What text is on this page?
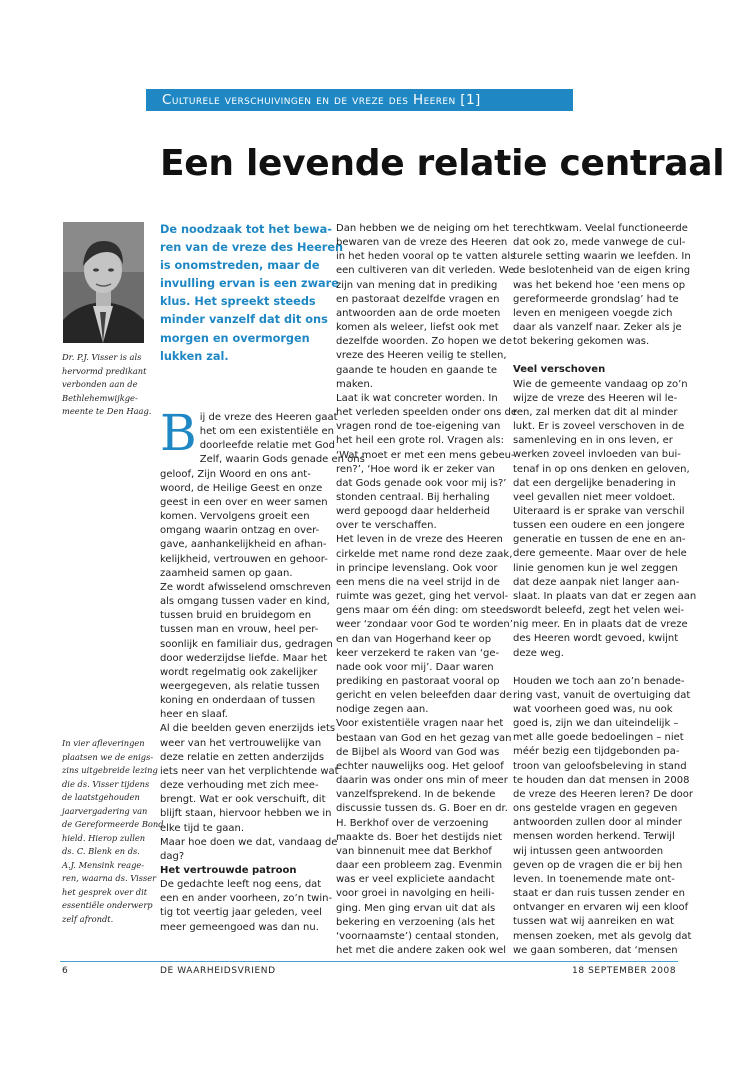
Culturele verschuivingen en de vreze des Heeren [1]
Een levende relatie centraal
Dr. P.J. Visser is als
hervormd predikant
verbonden aan de
Bethlehemwijkge-
meente te Den Haag.
In vier afleveringen
plaatsen we de enigs-
zins uitgebreide lezing
die ds. Visser tijdens
de laatstgehouden
jaarvergadering van
de Gereformeerde Bond
hield. Hierop zullen
ds. C. Blenk en ds.
A.J. Mensink reage-
ren, waarna ds. Visser
het gesprek over dit
essentiële onderwerp
zelf afrondt.
De noodzaak tot het bewa-
ren van de vreze des Heeren
is onomstreden, maar de
invulling ervan is een zware
klus. Het spreekt steeds
minder vanzelf dat dit ons
morgen en overmorgen
lukken zal.
B ij de vreze des Heeren gaat
het om een existentiële en
doorleefde relatie met God
Zelf, waarin Gods genade en ons
geloof, Zijn Woord en ons ant-
woord, de Heilige Geest en onze
geest in een over en weer samen
komen. Vervolgens groeit een
omgang waarin ontzag en over-
gave, aanhankelijkheid en afhan-
kelijkheid, vertrouwen en gehoor-
zaamheid samen op gaan.
Ze wordt afwisselend omschreven
als omgang tussen vader en kind,
tussen bruid en bruidegom en
tussen man en vrouw, heel per-
soonlijk en familiair dus, gedragen
door wederzijdse liefde. Maar het
wordt regelmatig ook zakelijker
weergegeven, als relatie tussen
koning en onderdaan of tussen
heer en slaaf.
Al die beelden geven enerzijds iets
weer van het vertrouwelijke van
deze relatie en zetten anderzijds
iets neer van het verplichtende wat
deze verhouding met zich mee-
brengt. Wat er ook verschuift, dit
blijft staan, hiervoor hebben we in
elke tijd te gaan.
Maar hoe doen we dat, vandaag de
dag?
Het vertrouwde patroon
De gedachte leeft nog eens, dat
een en ander voorheen, zo’n twin-
tig tot veertig jaar geleden, veel
meer gemeengoed was dan nu.
Dan hebben we de neiging om het
bewaren van de vreze des Heeren
in het heden vooral op te vatten als
een cultiveren van dit verleden. We
zijn van mening dat in prediking
en pastoraat dezelfde vragen en
antwoorden aan de orde moeten
komen als weleer, liefst ook met
dezelfde woorden. Zo hopen we de
vreze des Heeren veilig te stellen,
gaande te houden en gaande te
maken.
Laat ik wat concreter worden. In
het verleden speelden onder ons de
vragen rond de toe-eigening van
het heil een grote rol. Vragen als:
‘Wat moet er met een mens gebeu-
ren?’, ‘Hoe word ik er zeker van
dat Gods genade ook voor mij is?’
stonden centraal. Bij herhaling
werd gepoogd daar helderheid
over te verschaffen.
Het leven in de vreze des Heeren
cirkelde met name rond deze zaak,
in principe levenslang. Ook voor
een mens die na veel strijd in de
ruimte was gezet, ging het vervol-
gens maar om één ding: om steeds
weer ‘zondaar voor God te worden’
en dan van Hogerhand keer op
keer verzekerd te raken van ‘ge-
nade ook voor mij’. Daar waren
prediking en pastoraat vooral op
gericht en velen beleefden daar de
nodige zegen aan.
Voor existentiële vragen naar het
bestaan van God en het gezag van
de Bijbel als Woord van God was
echter nauwelijks oog. Het geloof
daarin was onder ons min of meer
vanzelfsprekend. In de bekende
discussie tussen ds. G. Boer en dr.
H. Berkhof over de verzoening
maakte ds. Boer het destijds niet
van binnenuit mee dat Berkhof
daar een probleem zag. Evenmin
was er veel expliciete aandacht
voor groei in navolging en heili-
ging. Men ging ervan uit dat als
bekering en verzoening (als het
‘voornaamste’) centaal stonden,
het met die andere zaken ook wel
terechtkwam. Veelal functioneerde
dat ook zo, mede vanwege de cul-
turele setting waarin we leefden. In
de beslotenheid van de eigen kring
was het bekend hoe ‘een mens op
gereformeerde grondslag’ had te
leven en menigeen voegde zich
daar als vanzelf naar. Zeker als je
tot bekering gekomen was.
Veel verschoven
Wie de gemeente vandaag op zo’n
wijze de vreze des Heeren wil le-
ren, zal merken dat dit al minder
lukt. Er is zoveel verschoven in de
samenleving en in ons leven, er
werken zoveel invloeden van bui-
tenaf in op ons denken en geloven,
dat een dergelijke benadering in
veel gevallen niet meer voldoet.
Uiteraard is er sprake van verschil
tussen een oudere en een jongere
generatie en tussen de ene en an-
dere gemeente. Maar over de hele
linie genomen kun je wel zeggen
dat deze aanpak niet langer aan-
slaat. In plaats van dat er zegen aan
wordt beleefd, zegt het velen wei-
nig meer. En in plaats dat de vreze
des Heeren wordt gevoed, kwijnt
deze weg.
Houden we toch aan zo’n benade-
ring vast, vanuit de overtuiging dat
wat voorheen goed was, nu ook
goed is, zijn we dan uiteindelijk –
met alle goede bedoelingen – niet
méér bezig een tijdgebonden pa-
troon van geloofsbeleving in stand
te houden dan dat mensen in 2008
de vreze des Heeren leren? De door
ons gestelde vragen en gegeven
antwoorden zullen door al minder
mensen worden herkend. Terwijl
wij intussen geen antwoorden
geven op de vragen die er bij hen
leven. In toenemende mate ont-
staat er dan ruis tussen zender en
ontvanger en ervaren wij een kloof
tussen wat wij aanreiken en wat
mensen zoeken, met als gevolg dat
we gaan somberen, dat ‘mensen
6	DE WAARHEIDSVRIEND	18 SEPTEMBER 2008
